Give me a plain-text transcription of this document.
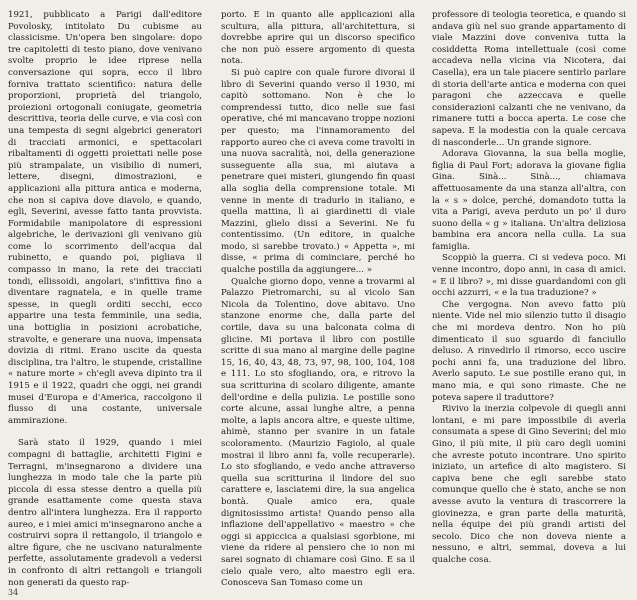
1921, pubblicato a Parigi dall'editore Povolosky, intitolato Du cubisme au classicisme. Un'opera ben singolare: dopo tre capitoletti di testo piano, dove venivano svolte proprio le idee riprese nella conversazione qui sopra, ecco il libro forniva trattato scientifico: natura delle proporzioni, proprietà del triangolo, proiezioni ortogonali coniugate, geometria descrittiva, teoria delle curve, e via così con una tempesta di segni algebrici generatori di tracciati armonici, e spettacolari ribaltamenti di oggetti proiettati nelle pose più strampalate, un visibilio di numeri, lettere, disegni, dimostrazioni, e applicazioni alla pittura antica e moderna, che non si capiva dove diavolo, e quando, egli, Severini, avesse fatto tanta provvista. Formidabile manipolatore di espressioni algebriche, le derivazioni gli venivano giù come lo scorrimento dell'acqua dal rubinetto, e quando poi, pigliava il compasso in mano, la rete dei tracciati tondi, ellissoidi, angolari, s'infittiva fino a diventare ragnatela, e in quelle trame spesse, in quegli orditi secchi, ecco apparire una testa femminile, una sedia, una bottiglia in posizioni acrobatiche, stravolte, e generare una nuova, impensata dovizia di ritmi. Erano uscite da questa disciplina, tra l'altro, le stupende, cristalline « nature morte » ch'egli aveva dipinto tra il 1915 e il 1922, quadri che oggi, nei grandi musei d'Europa e d'America, raccolgono il flusso di una costante, universale ammirazione.

Sarà stato il 1929, quando i miei compagni di battaglie, architetti Figini e Terragni, m'insegnarono a dividere una lunghezza in modo tale che la parte più piccola di essa stesse dentro a quella più grande esattamente come questa stava dentro all'intera lunghezza. Era il rapporto aureo, e i miei amici m'insegnarono anche a costruirvi sopra il rettangolo, il triangolo e altre figure, che ne uscivano naturalmente perfette, assolutamente gradevoli a vedersi in confronto di altri rettangoli e triangoli non generati da questo rap-

porto. E in quanto alle applicazioni alla scultura, alla pittura, all'architettura, si dovrebbe aprire qui un discorso specifico che non può essere argomento di questa nota.

Si può capire con quale furore divorai il libro di Severini quando verso il 1930, mi capitò sottomano. Non è che lo comprendessi tutto, dico nelle sue fasi operative, ché mi mancavano troppe nozioni per questo; ma l'innamoramento del rapporto aureo che ci aveva come travolti in una nuova sacralità, noi, della generazione susseguente alla sua, mi aiutava a penetrare quei misteri, giungendo fin quasi alla soglia della comprensione totale. Mi venne in mente di tradurlo in italiano, e quella mattina, lì ai giardinetti di viale Mazzini, glielo dissi a Severini. Ne fu contentissimo. (Un editore, in qualche modo, si sarebbe trovato.) « Appetta », mi disse, « prima di cominciare, perché ho qualche postilla da aggiungere... »

Qualche giorno dopo, venne a trovarmi al Palazzo Pietromarchi, su al vicolo San Nicola da Tolentino, dove abitavo. Uno stanzone enorme che, dalla parte del cortile, dava su una balconata colma di glicine. Mi portava il libro con postille scritte di sua mano al margine delle pagine 15, 16, 40, 43, 48, 73, 97, 98, 100, 104, 108 e 111. Lo sto sfogliando, ora, e ritrovo la sua scritturina di scolaro diligente, amante dell'ordine e della pulizia. Le postille sono corte alcune, assai lunghe altre, a penna molte, a lapis ancora altre, e queste ultime, ahimè, stanno per svanire in un fatale scoloramento. (Maurizio Fagiolo, al quale mostrai il libro anni fa, volle recuperarle). Lo sto sfogliando, e vedo anche attraverso quella sua scritturina il lindore del suo carattere e, lasciatemi dire, la sua angelica bontà. Quale amico era, quale dignitosissimo artista! Quando penso alla inflazione dell'appellativo « maestro » che oggi si appiccica a qualsiasi sgorbione, mi viene da ridere al pensiero che io non mi sarei sognato di chiamare così Gino. E sa il cielo quale vero, alto maestro egli era. Conosceva San Tomaso come un

professore di teologia teoretica, e quando si andava giù nel suo grande appartamento di viale Mazzini dove conveniva tutta la cosiddetta Roma intellettuale (così come accadeva nella vicina via Nicotera, dai Casella), era un tale piacere sentirlo parlare di storia dell'arte antica e moderna con quei paragoni che azzeccava e quelle considerazioni calzanti che ne venivano, da rimanere tutti a bocca aperta. Le cose che sapeva. E la modestia con la quale cercava di nasconderle... Un grande signore.

Adorava Giovanna, la sua bella moglie, figlia di Paul Fort; adorava la giovane figlia Gina. Sinà... Sinà..., chiamava affettuosamente da una stanza all'altra, con la « s » dolce, perché, domandoto tutta la vita a Parigi, aveva perduto un po' il duro suono della « g » italiana. Un'altra deliziosa bambina era ancora nella culla. La sua famiglia.

Scoppiò la guerra. Ci si vedeva poco. Mi venne incontro, dopo anni, in casa di amici. « E il libro? », mi disse guardandomi con gli occhi azzurri, « e la tua traduzione? »

Che vergogna. Non avevo fatto più niente. Vide nel mio silenzio tutto il disagio che mi mordeva dentro. Non ho più dimenticato il suo sguardo di fanciullo deluso. A rinvedirlo il rimorso, ecco uscire pochi anni fa, una traduzione del libro. Averlo saputo. Le sue postille erano qui, in mano mia, e qui sono rimaste. Che ne poteva sapere il traduttore?

Rivivo la inerzia colpevole di quegli anni lontani, e mi pare impossibile di averla consumata a spese di Gino Severini; del mio Gino, il più mite, il più caro degli uomini che avreste potuto incontrare. Uno spirito iniziato, un artefice di alto magistero. Si capiva bene che egli sarebbe stato comunque quello che è stato, anche se non avesse avuto la ventura di trascorrere la giovinezza, e gran parte della maturità, nella équipe dei più grandi artisti del secolo. Dico che non doveva niente a nessuno, e altri, semmai, doveva a lui qualche cosa.

34
